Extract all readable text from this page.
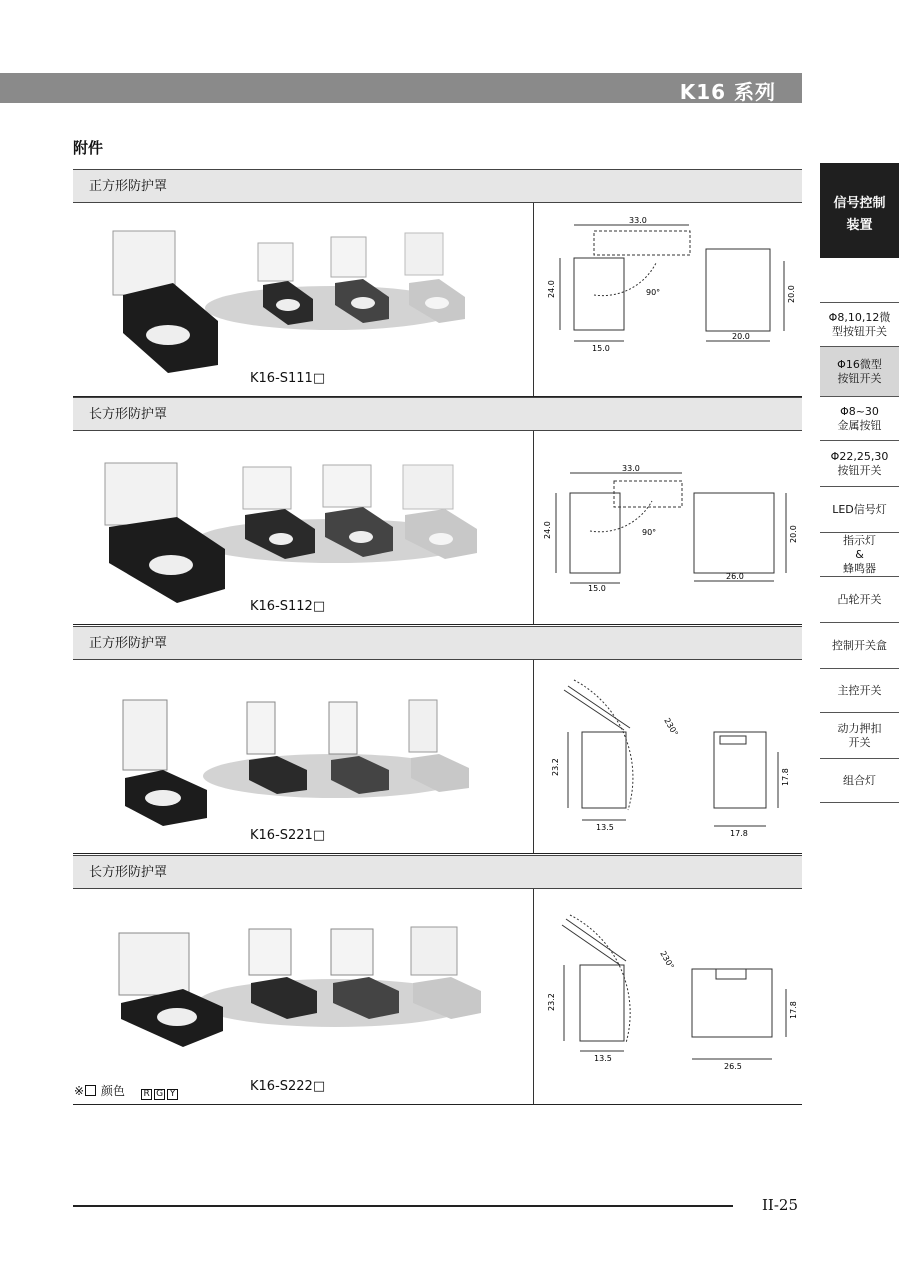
K16 系列
附件
正方形防护罩
K16-S111□
33.0
24.0
15.0
20.0
20.0
90°
长方形防护罩
K16-S112□
33.0
24.0
15.0
26.0
20.0
90°
正方形防护罩
K16-S221□
23.2
13.5
17.8
17.8
230°
长方形防护罩
K16-S222□
23.2
13.5
26.5
17.8
230°
信号控制
装置
Φ8,10,12微
型按钮开关
Φ16微型
按钮开关
Φ8~30
金属按钮
Φ22,25,30
按钮开关
LED信号灯
指示灯
&
蜂鸣器
凸轮开关
控制开关盒
主控开关
动力押扣
开关
组合灯
※ 颜色 R G Y
II-25
